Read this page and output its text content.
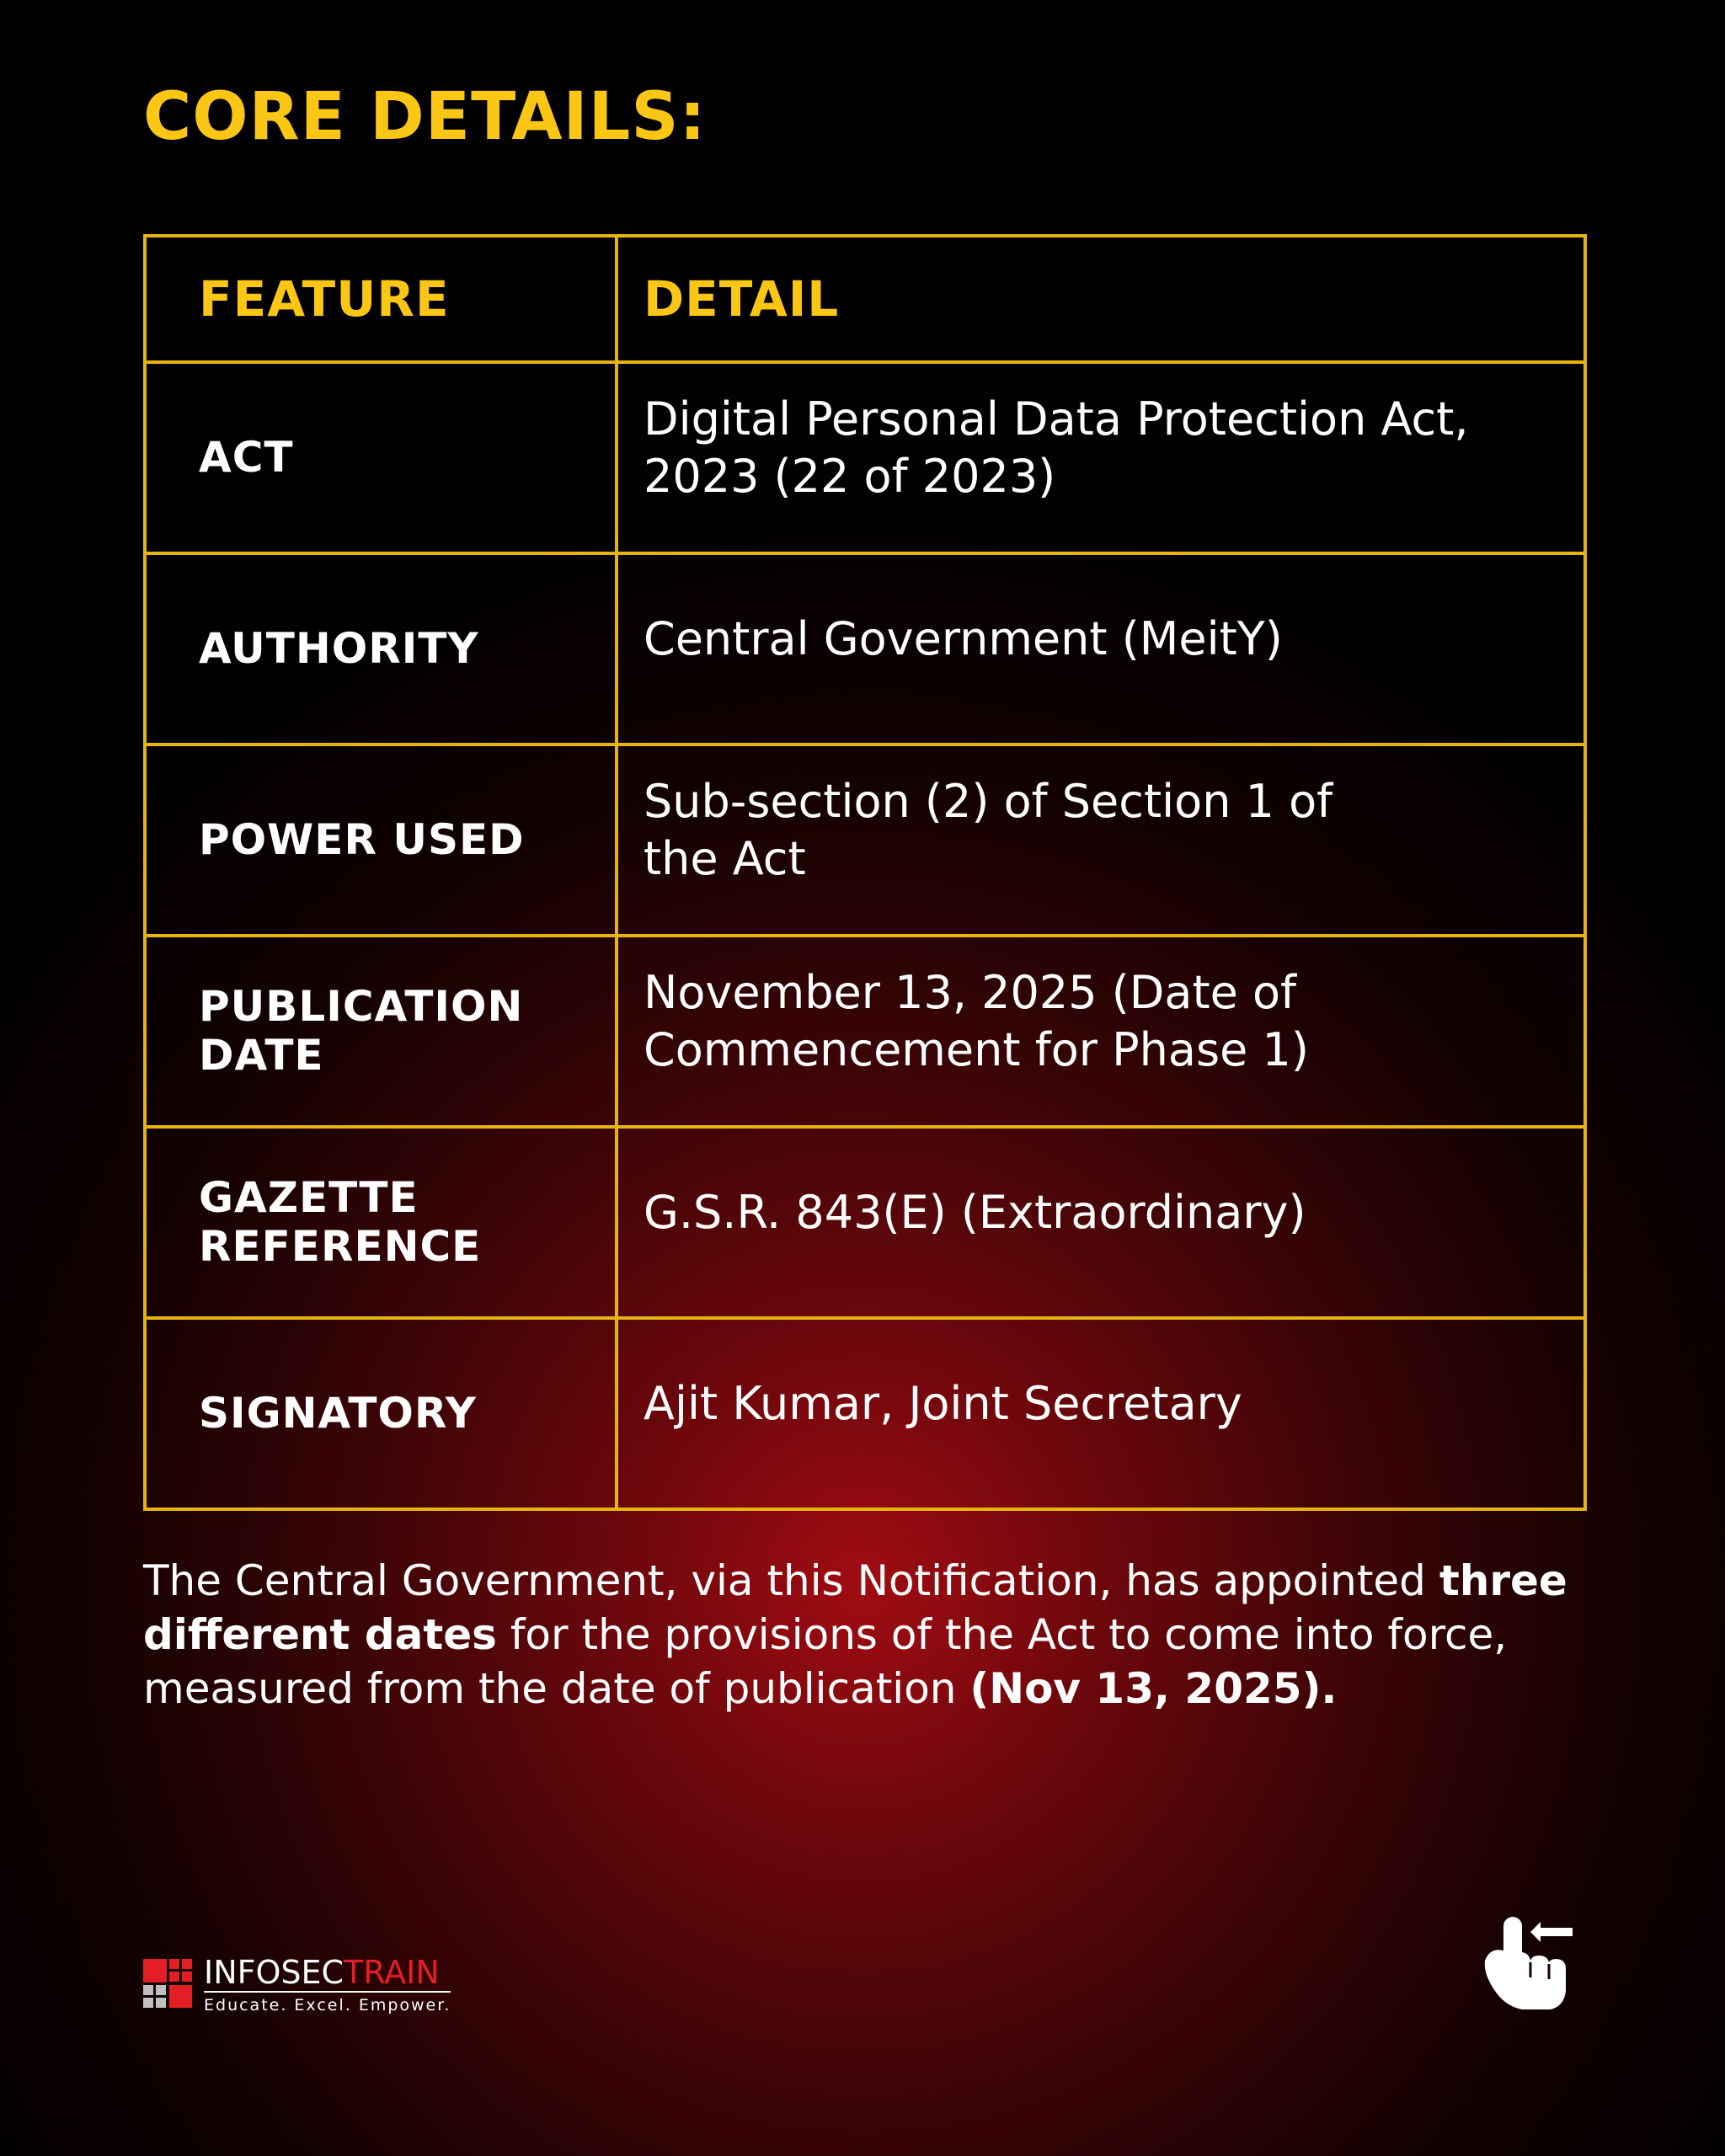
CORE DETAILS:
FEATURE	DETAIL
ACT	Digital Personal Data Protection Act,
2023 (22 of 2023)

AUTHORITY	Central Government (MeitY)

POWER USED	Sub-section (2) of Section 1 of
the Act

PUBLICATION DATE	November 13, 2025 (Date of
Commencement for Phase 1)

GAZETTE REFERENCE	G.S.R. 843(E) (Extraordinary)

SIGNATORY	Ajit Kumar, Joint Secretary

The Central Government, via this Notification, has appointed three different dates for the provisions of the Act to come into force, measured from the date of publication (Nov 13, 2025).

INFOSECTRAIN
Educate. Excel. Empower.
